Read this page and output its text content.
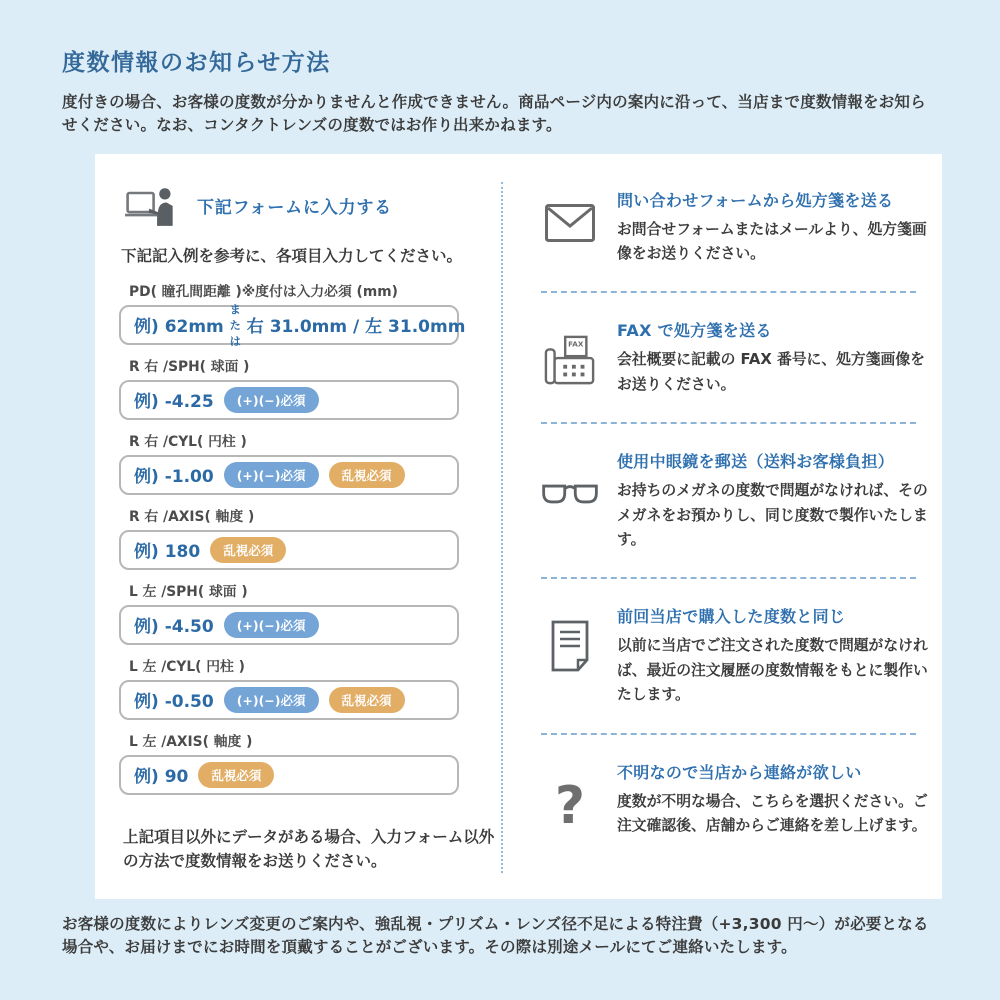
度数情報のお知らせ方法

度付きの場合、お客様の度数が分かりませんと作成できません。商品ページ内の案内に沿って、当店まで度数情報をお知らせください。なお、コンタクトレンズの度数ではお作り出来かねます。

下記フォームに入力する

下記記入例を参考に、各項目入力してください。

PD( 瞳孔間距離 )※度付は入力必須 (mm)
例) 62mm
または
右 31.0mm / 左 31.0mm
R 右 /SPH( 球面 )
例) -4.25	(+)(−)必須
R 右 /CYL( 円柱 )
例) -1.00	(+)(−)必須	乱視必須
R 右 /AXIS( 軸度 )
例) 180	乱視必須
L 左 /SPH( 球面 )
例) -4.50	(+)(−)必須
L 左 /CYL( 円柱 )
例) -0.50	(+)(−)必須	乱視必須
L 左 /AXIS( 軸度 )
例) 90	乱視必須

上記項目以外にデータがある場合、入力フォーム以外の方法で度数情報をお送りください。

問い合わせフォームから処方箋を送る
お問合せフォームまたはメールより、処方箋画像をお送りください。
FAX
FAX で処方箋を送る
会社概要に記載の FAX 番号に、処方箋画像をお送りください。
使用中眼鏡を郵送（送料お客様負担）
お持ちのメガネの度数で問題がなければ、そのメガネをお預かりし、同じ度数で製作いたします。
前回当店で購入した度数と同じ
以前に当店でご注文された度数で問題がなければ、最近の注文履歴の度数情報をもとに製作いたします。
?
不明なので当店から連絡が欲しい
度数が不明な場合、こちらを選択ください。ご注文確認後、店舗からご連絡を差し上げます。

お客様の度数によりレンズ変更のご案内や、強乱視・プリズム・レンズ径不足による特注費（+3,300 円〜）が必要となる場合や、お届けまでにお時間を頂戴することがございます。その際は別途メールにてご連絡いたします。
